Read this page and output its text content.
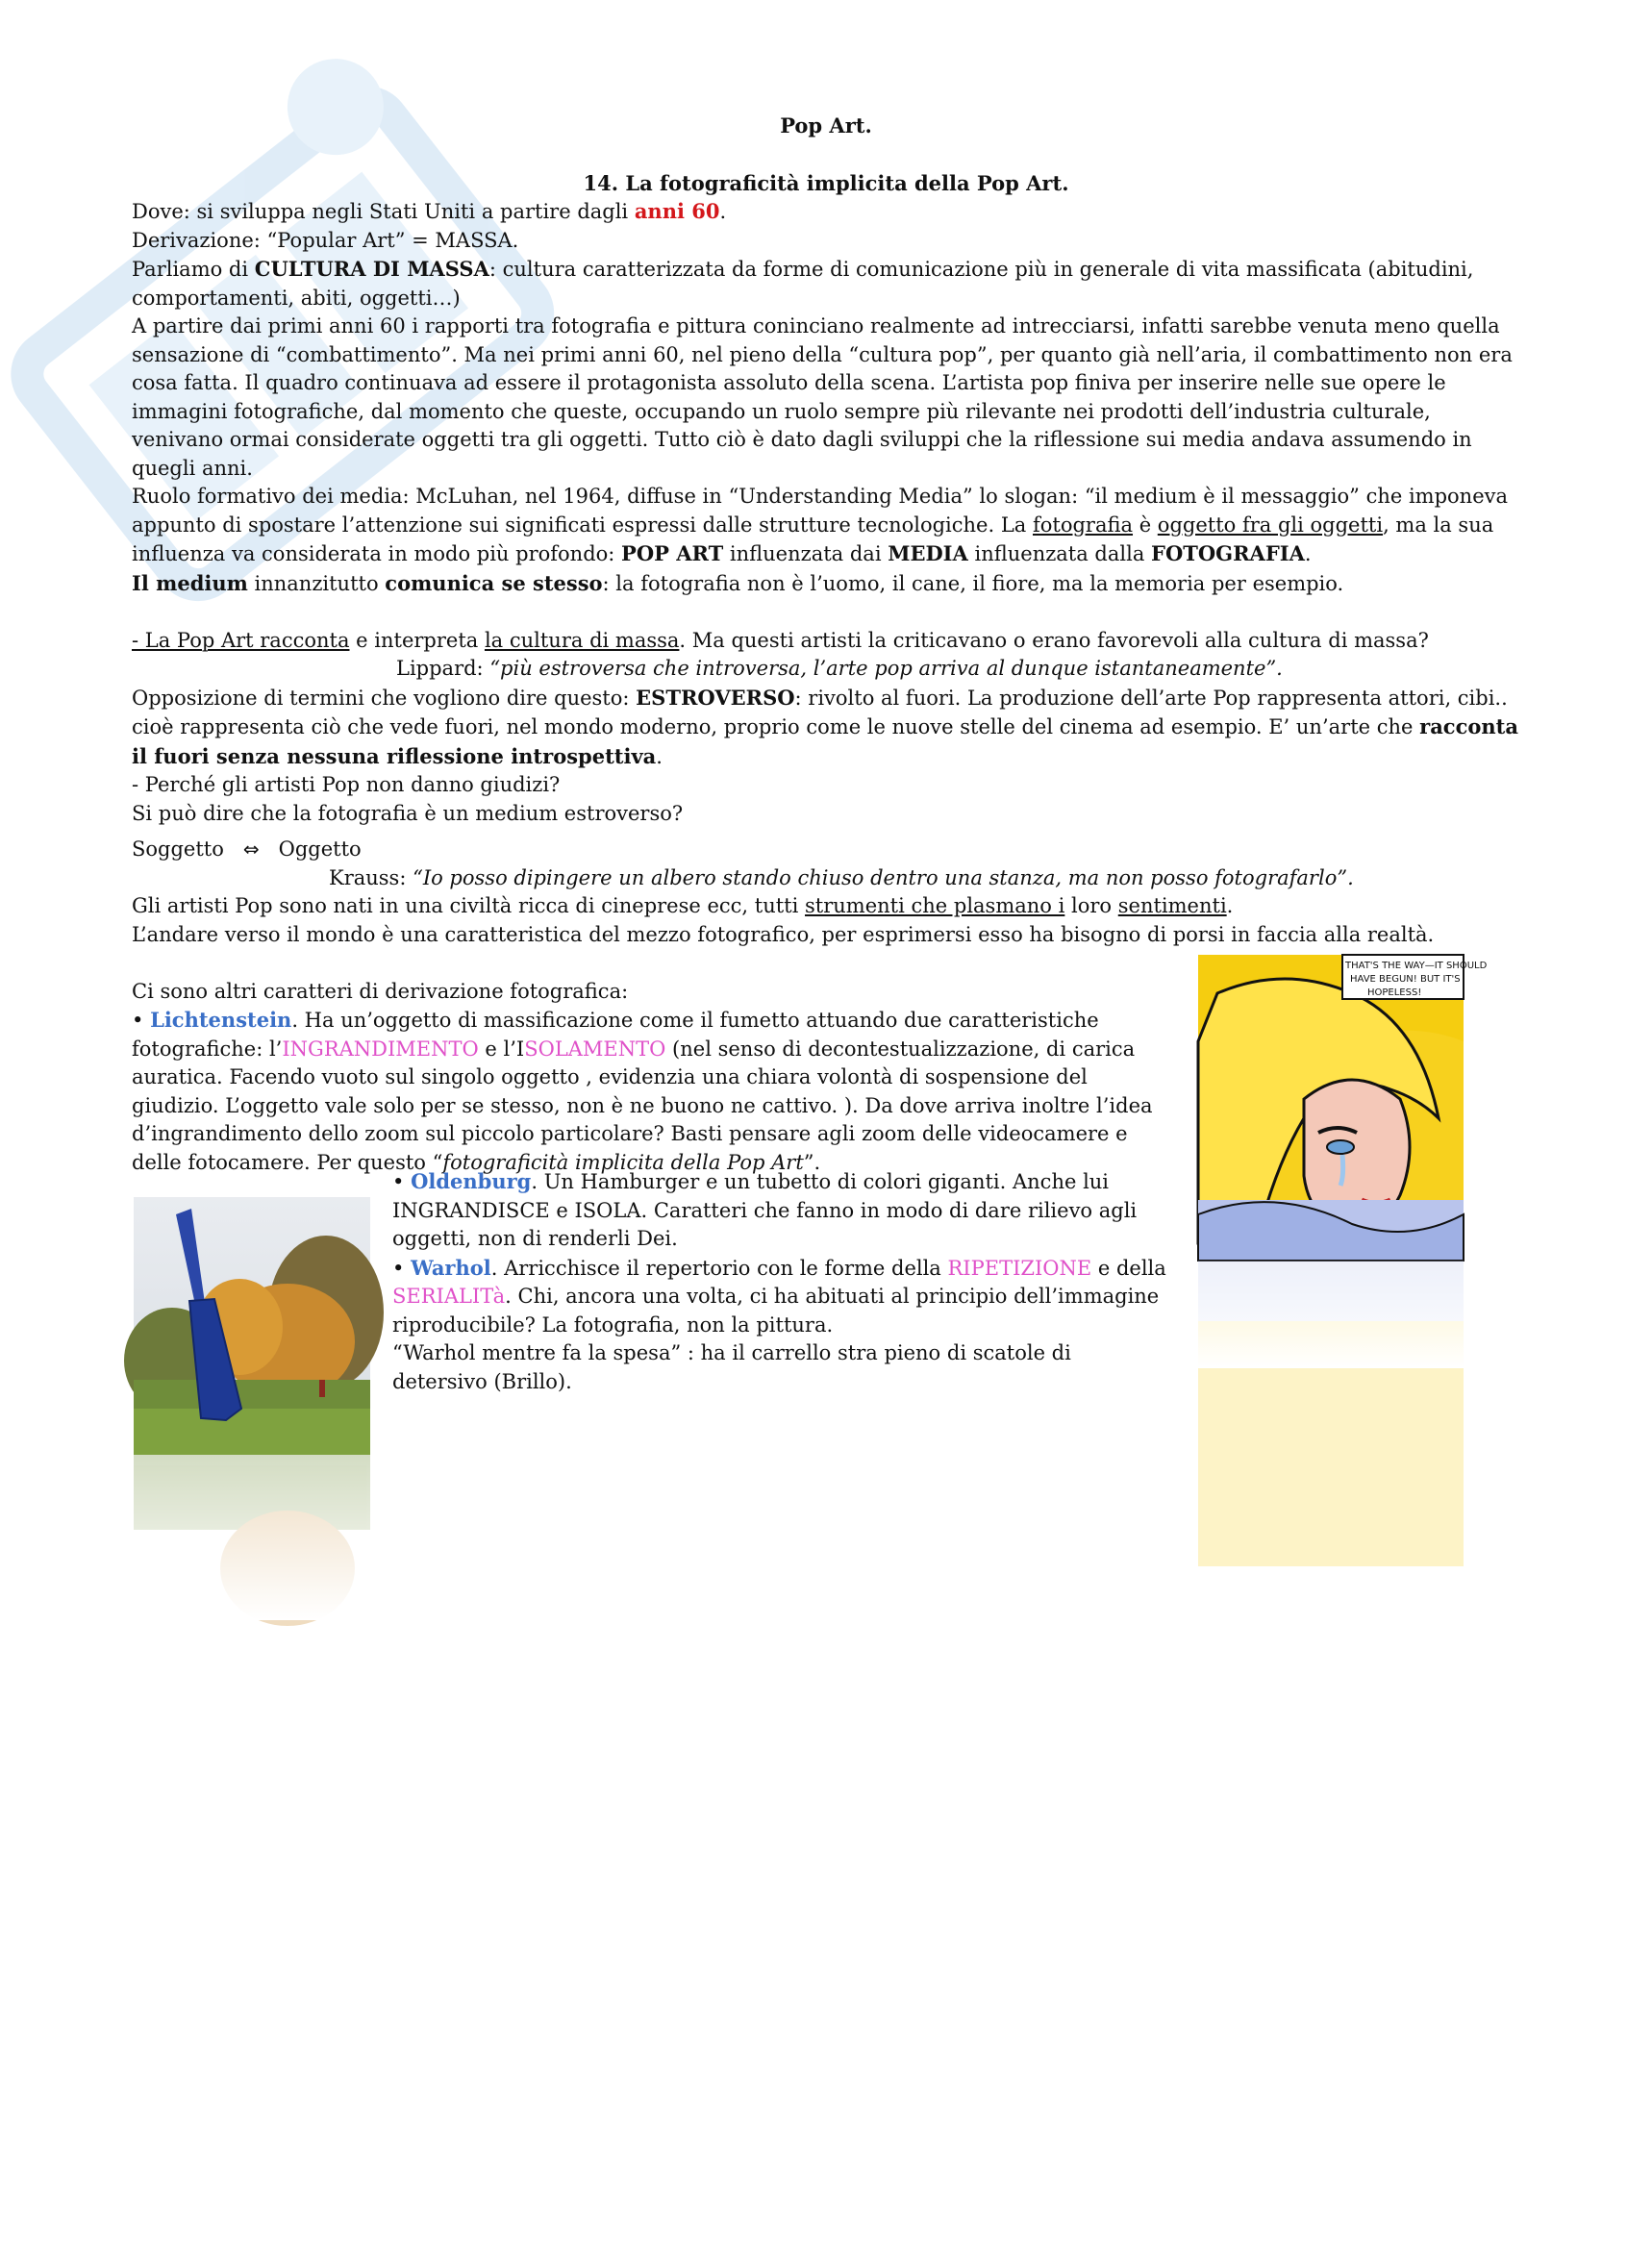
Pop Art.
14. La fotograficità implicita della Pop Art.
Dove: si sviluppa negli Stati Uniti a partire dagli anni 60.
Derivazione: “Popular Art” = MASSA.
Parliamo di CULTURA DI MASSA: cultura caratterizzata da forme di comunicazione più in generale di vita massificata (abitudini,
comportamenti, abiti, oggetti…)
A partire dai primi anni 60 i rapporti tra fotografia e pittura coninciano realmente ad intrecciarsi, infatti sarebbe venuta meno quella
sensazione di “combattimento”. Ma nei primi anni 60, nel pieno della “cultura pop”, per quanto già nell’aria, il combattimento non era
cosa fatta. Il quadro continuava ad essere il protagonista assoluto della scena. L’artista pop finiva per inserire nelle sue opere le
immagini fotografiche, dal momento che queste, occupando un ruolo sempre più rilevante nei prodotti dell’industria culturale,
venivano ormai considerate oggetti tra gli oggetti. Tutto ciò è dato dagli sviluppi che la riflessione sui media andava assumendo in
quegli anni.
Ruolo formativo dei media: McLuhan, nel 1964, diffuse in “Understanding Media” lo slogan: “il medium è il messaggio” che imponeva
appunto di spostare l’attenzione sui significati espressi dalle strutture tecnologiche. La fotografia è oggetto fra gli oggetti, ma la sua
influenza va considerata in modo più profondo: POP ART influenzata dai MEDIA influenzata dalla FOTOGRAFIA.
Il medium innanzitutto comunica se stesso: la fotografia non è l’uomo, il cane, il fiore, ma la memoria per esempio.
- La Pop Art racconta e interpreta la cultura di massa. Ma questi artisti la criticavano o erano favorevoli alla cultura di massa?
Lippard: “più estroversa che introversa, l’arte pop arriva al dunque istantaneamente”.
Opposizione di termini che vogliono dire questo: ESTROVERSO: rivolto al fuori. La produzione dell’arte Pop rappresenta attori, cibi..
cioè rappresenta ciò che vede fuori, nel mondo moderno, proprio come le nuove stelle del cinema ad esempio. E’ un’arte che racconta
il fuori senza nessuna riflessione introspettiva.
- Perché gli artisti Pop non danno giudizi?
Si può dire che la fotografia è un medium estroverso?
Soggetto ⇔ Oggetto
Krauss: “Io posso dipingere un albero stando chiuso dentro una stanza, ma non posso fotografarlo”.
Gli artisti Pop sono nati in una civiltà ricca di cinepresе ecc, tutti strumenti che plasmano i loro sentimenti.
L’andare verso il mondo è una caratteristica del mezzo fotografico, per esprimersi esso ha bisogno di porsi in faccia alla realtà.
Ci sono altri caratteri di derivazione fotografica:
• Lichtenstein. Ha un’oggetto di massificazione come il fumetto attuando due caratteristiche
fotografiche: l’INGRANDIMENTO e l’ISOLAMENTO (nel senso di decontestualizzazione, di carica
auratica. Facendo vuoto sul singolo oggetto , evidenzia una chiara volontà di sospensione del
giudizio. L’oggetto vale solo per se stesso, non è ne buono ne cattivo. ). Da dove arriva inoltre l’idea
d’ingrandimento dello zoom sul piccolo particolare? Basti pensare agli zoom delle videocamere e
delle fotocamere. Per questo “fotograficità implicita della Pop Art”.
• Oldenburg. Un Hamburger e un tubetto di colori giganti. Anche lui
INGRANDISCE e ISOLA. Caratteri che fanno in modo di dare rilievo agli
oggetti, non di renderli Dei.
• Warhol. Arricchisce il repertorio con le forme della RIPETIZIONE e della
SERIALITà. Chi, ancora una volta, ci ha abituati al principio dell’immagine
riproducibile? La fotografia, non la pittura.
“Warhol mentre fa la spesa” : ha il carrello stra pieno di scatole di
detersivo (Brillo).
THAT'S THE WAY—IT SHOULD
HAVE BEGUN! BUT IT'S
HOPELESS!
